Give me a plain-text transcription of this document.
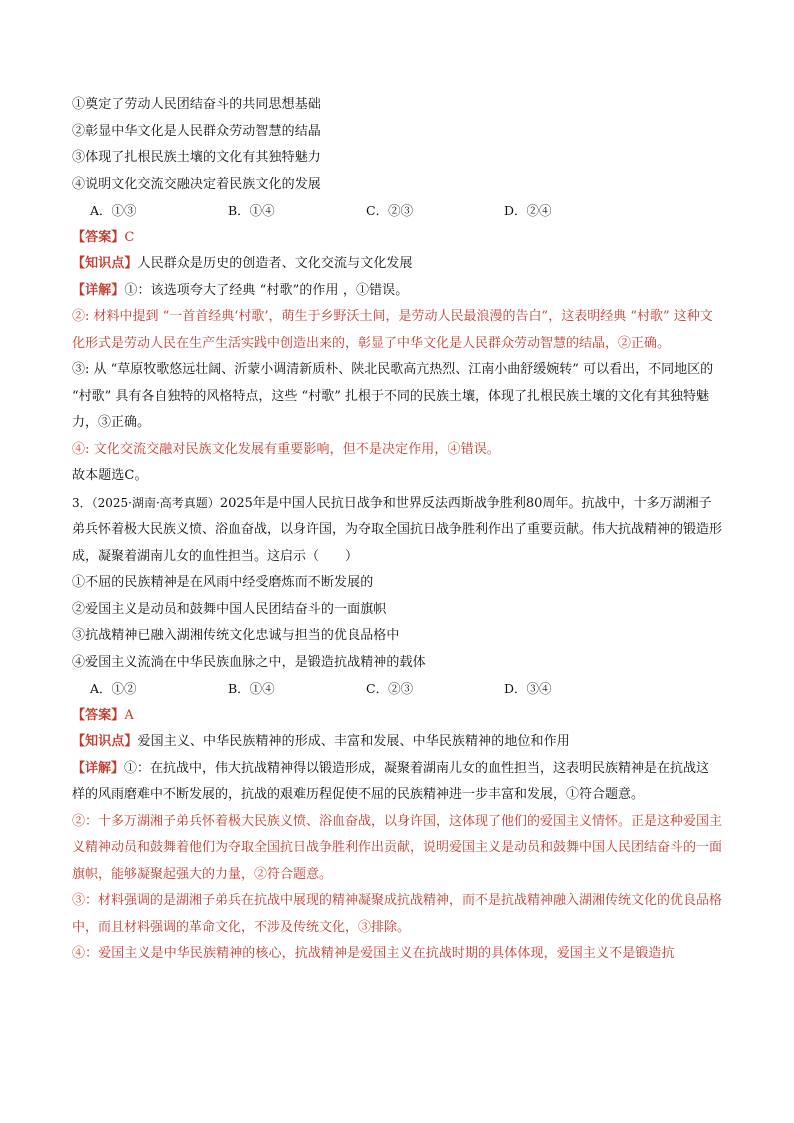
①奠定了劳动人民团结奋斗的共同思想基础
②彰显中华文化是人民群众劳动智慧的结晶
③体现了扎根民族土壤的文化有其独特魅力
④说明文化交流交融决定着民族文化的发展
A．①③	B．①④	C．②③	D．②④
【答案】C
【知识点】人民群众是历史的创造者、文化交流与文化发展
【详解】①：该选项夸大了经典 “村歌”的作用 ，①错误。
②: 材料中提到 “一首首经典‘村歌’，萌生于乡野沃土间，是劳动人民最浪漫的告白”，这表明经典 “村歌” 这种文化形式是劳动人民在生产生活实践中创造出来的，彰显了中华文化是人民群众劳动智慧的结晶，②正确。
③: 从 “草原牧歌悠远壮阔、沂蒙小调清新质朴、陕北民歌高亢热烈、江南小曲舒缓婉转” 可以看出，不同地区的 “村歌” 具有各自独特的风格特点，这些 “村歌” 扎根于不同的民族土壤，体现了扎根民族土壤的文化有其独特魅力，③正确。
④: 文化交流交融对民族文化发展有重要影响，但不是决定作用，④错误。
故本题选C。
3．（2025·湖南·高考真题）2025年是中国人民抗日战争和世界反法西斯战争胜利80周年。抗战中，十多万湖湘子弟兵怀着极大民族义愤、浴血奋战，以身许国，为夺取全国抗日战争胜利作出了重要贡献。伟大抗战精神的锻造形成，凝聚着湖南儿女的血性担当。这启示（　　）
①不屈的民族精神是在风雨中经受磨炼而不断发展的
②爱国主义是动员和鼓舞中国人民团结奋斗的一面旗帜
③抗战精神已融入湖湘传统文化忠诚与担当的优良品格中
④爱国主义流淌在中华民族血脉之中，是锻造抗战精神的载体
A．①②	B．①④	C．②③	D．③④
【答案】A
【知识点】爱国主义、中华民族精神的形成、丰富和发展、中华民族精神的地位和作用
【详解】①：在抗战中，伟大抗战精神得以锻造形成，凝聚着湖南儿女的血性担当，这表明民族精神是在抗战这样的风雨磨难中不断发展的，抗战的艰难历程促使不屈的民族精神进一步丰富和发展，①符合题意。
②：十多万湖湘子弟兵怀着极大民族义愤、浴血奋战，以身许国，这体现了他们的爱国主义情怀。正是这种爱国主义精神动员和鼓舞着他们为夺取全国抗日战争胜利作出贡献，说明爱国主义是动员和鼓舞中国人民团结奋斗的一面旗帜，能够凝聚起强大的力量，②符合题意。
③：材料强调的是湖湘子弟兵在抗战中展现的精神凝聚成抗战精神，而不是抗战精神融入湖湘传统文化的优良品格中，而且材料强调的革命文化，不涉及传统文化，③排除。
④：爱国主义是中华民族精神的核心，抗战精神是爱国主义在抗战时期的具体体现，爱国主义不是锻造抗
